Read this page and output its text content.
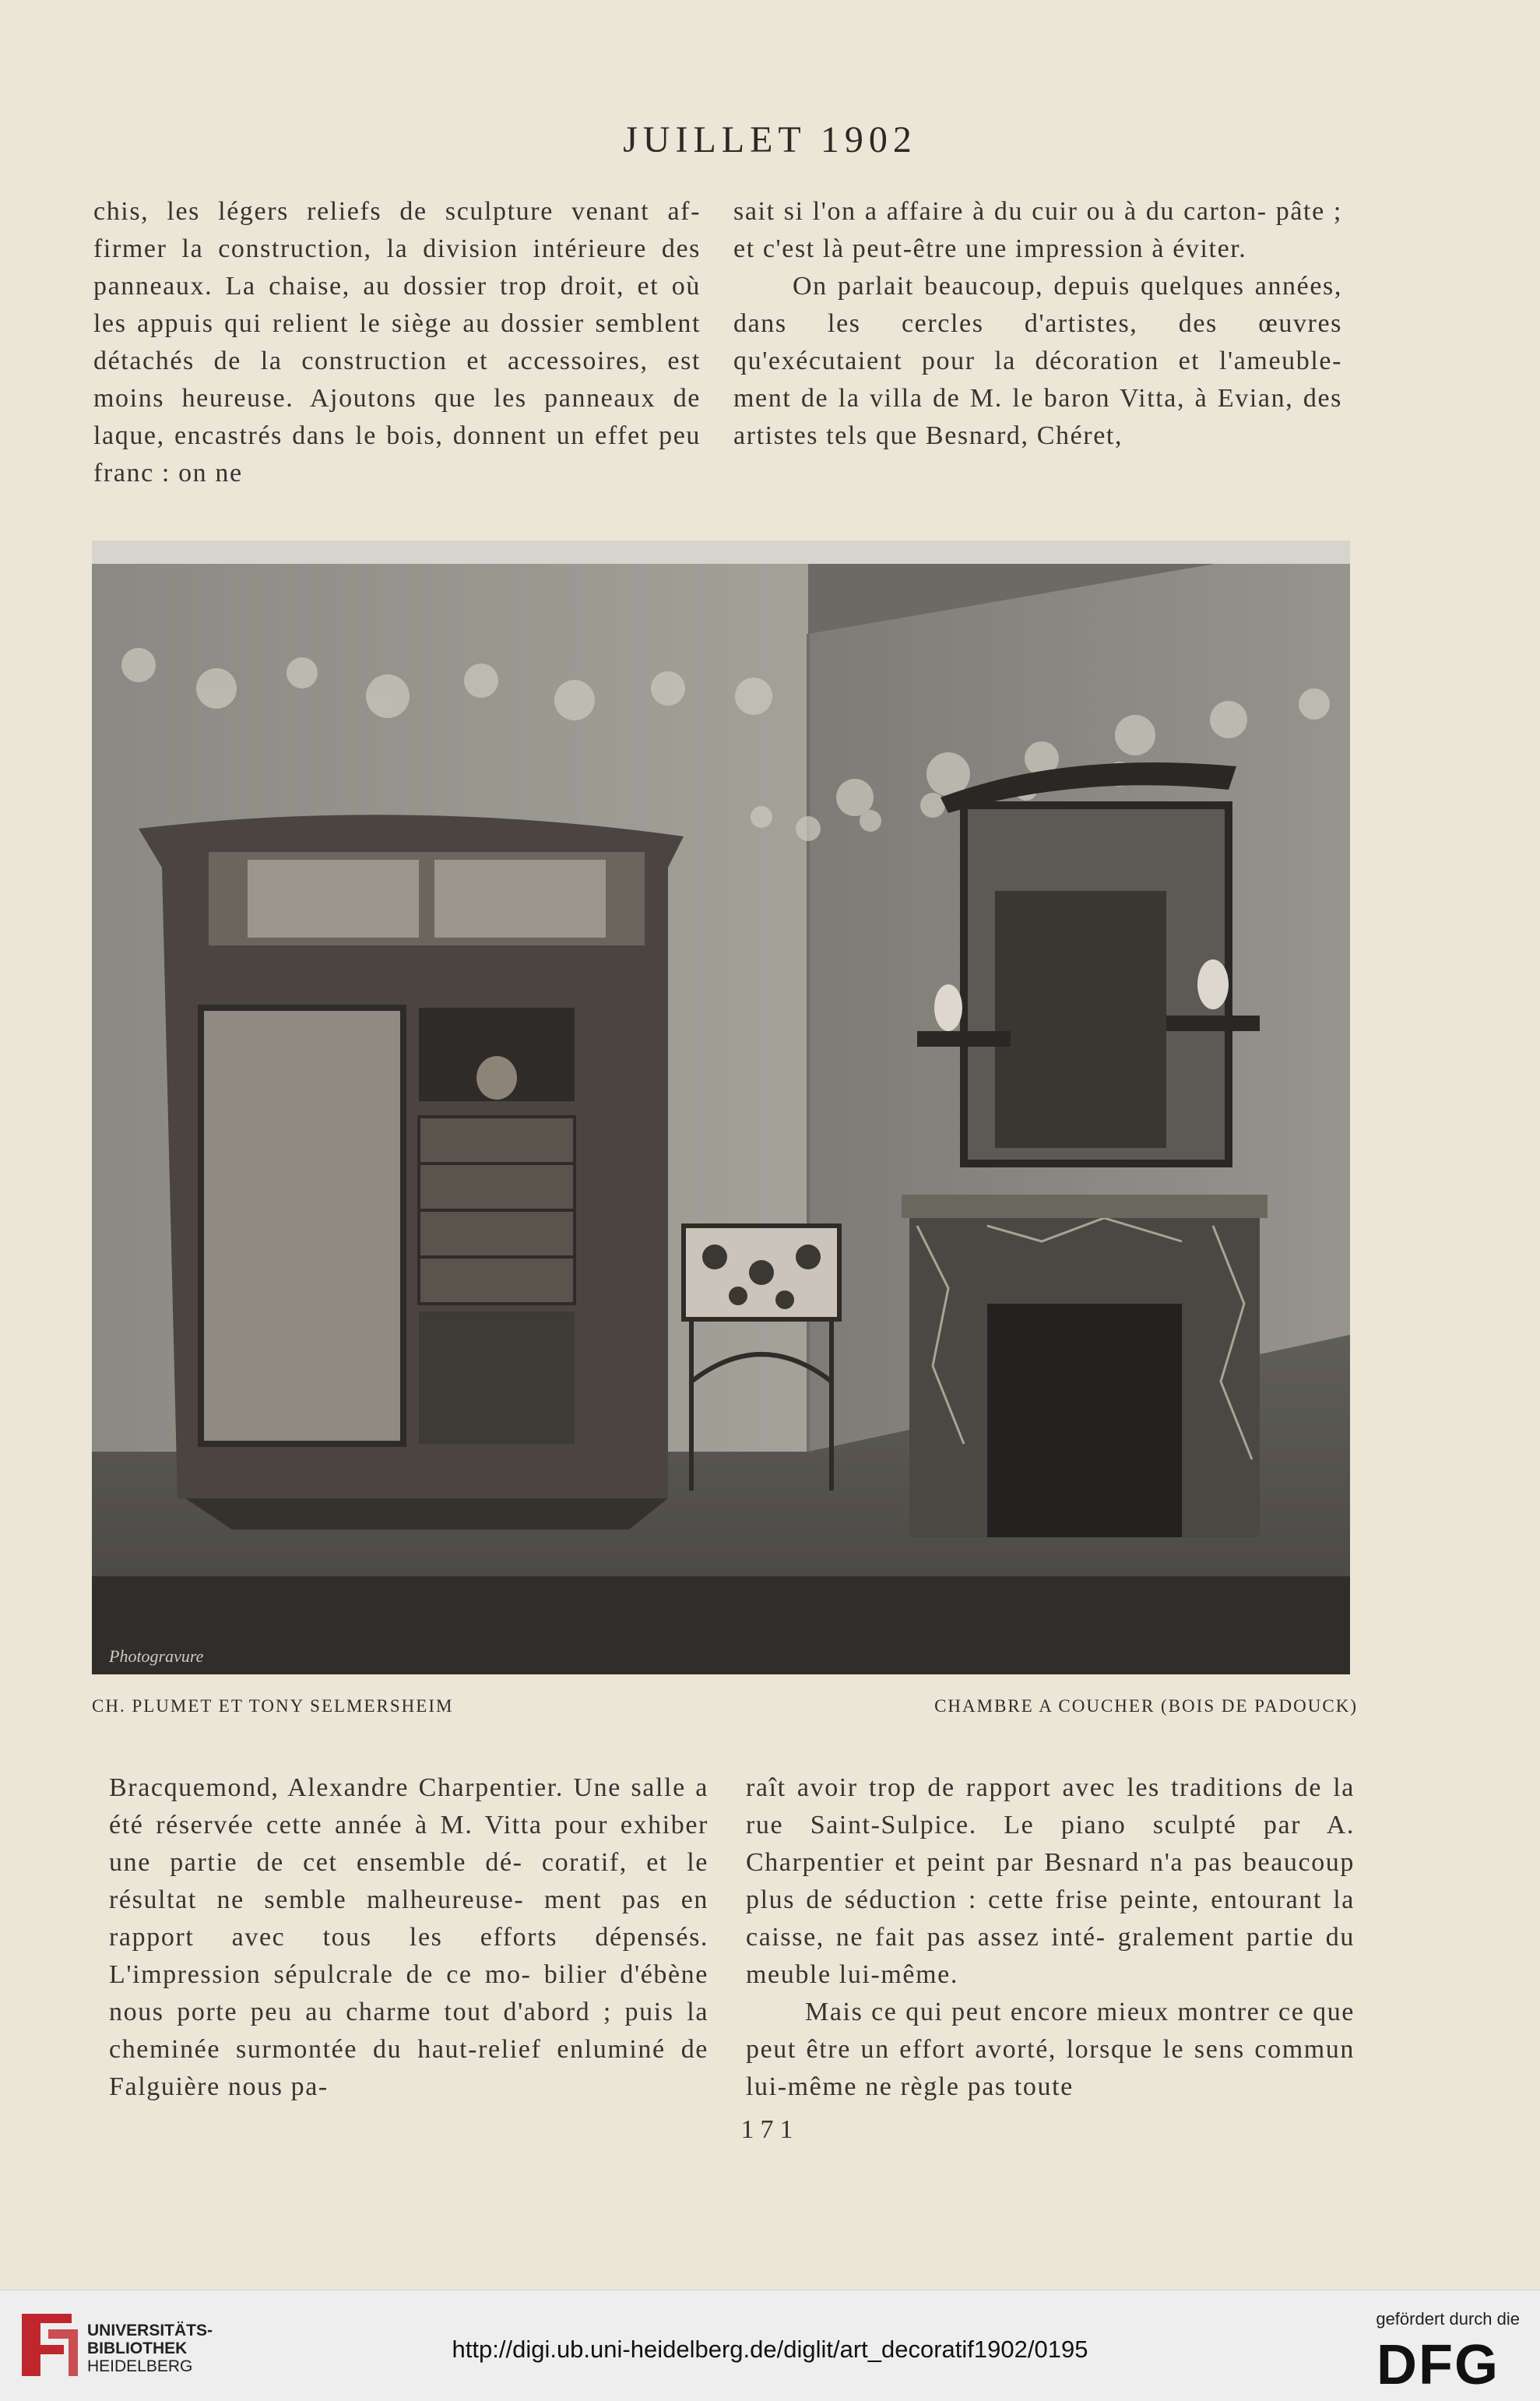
JUILLET 1902

chis, les légers reliefs de sculpture venant af- firmer la construction, la division intérieure des panneaux. La chaise, au dossier trop droit, et où les appuis qui relient le siège au dossier semblent détachés de la construction et accessoires, est moins heureuse. Ajoutons que les panneaux de laque, encastrés dans le bois, donnent un effet peu franc : on ne

sait si l'on a affaire à du cuir ou à du carton- pâte ; et c'est là peut-être une impression à éviter.

On parlait beaucoup, depuis quelques années, dans les cercles d'artistes, des œuvres qu'exécutaient pour la décoration et l'ameuble- ment de la villa de M. le baron Vitta, à Evian, des artistes tels que Besnard, Chéret,

Photogravure
CH. PLUMET ET TONY SELMERSHEIM	CHAMBRE A COUCHER (BOIS DE PADOUCK)

Bracquemond, Alexandre Charpentier. Une salle a été réservée cette année à M. Vitta pour exhiber une partie de cet ensemble dé- coratif, et le résultat ne semble malheureuse- ment pas en rapport avec tous les efforts dépensés. L'impression sépulcrale de ce mo- bilier d'ébène nous porte peu au charme tout d'abord ; puis la cheminée surmontée du haut-relief enluminé de Falguière nous pa-

raît avoir trop de rapport avec les traditions de la rue Saint-Sulpice. Le piano sculpté par A. Charpentier et peint par Besnard n'a pas beaucoup plus de séduction : cette frise peinte, entourant la caisse, ne fait pas assez inté- gralement partie du meuble lui-même.

Mais ce qui peut encore mieux montrer ce que peut être un effort avorté, lorsque le sens commun lui-même ne règle pas toute

171
UNIVERSITÄTS-
BIBLIOTHEK
HEIDELBERG
http://digi.ub.uni-heidelberg.de/diglit/art_decoratif1902/0195
gefördert durch die
DFG
